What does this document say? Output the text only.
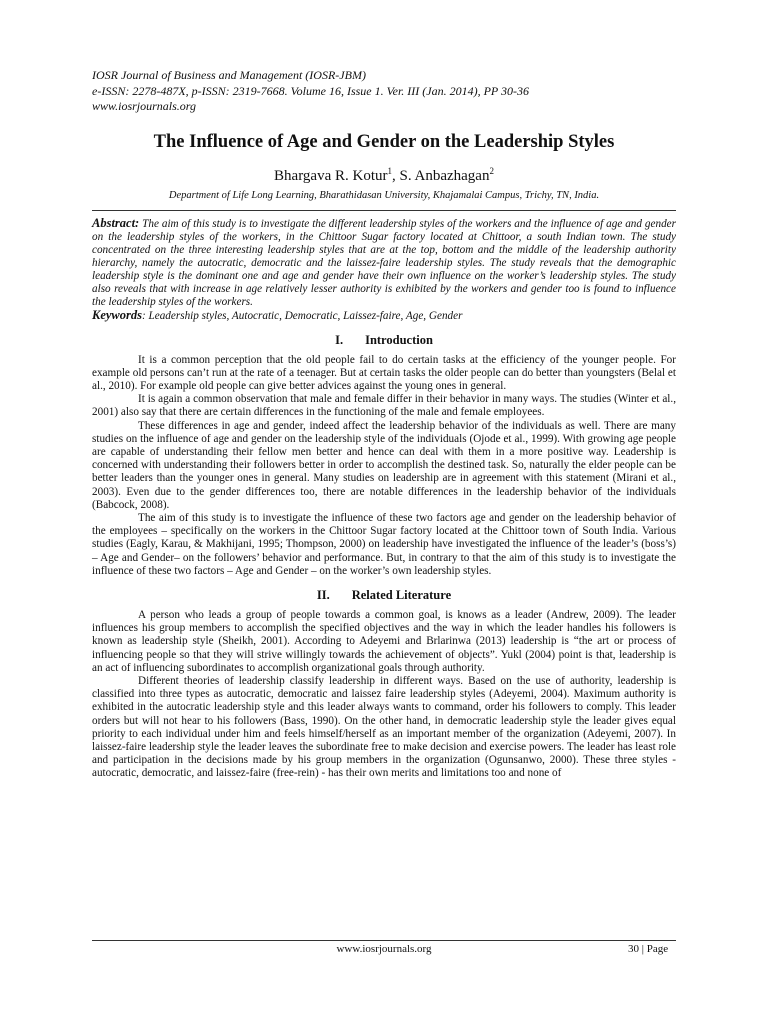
IOSR Journal of Business and Management (IOSR-JBM)
e-ISSN: 2278-487X, p-ISSN: 2319-7668. Volume 16, Issue 1. Ver. III (Jan. 2014), PP 30-36
www.iosrjournals.org
The Influence of Age and Gender on the Leadership Styles
Bhargava R. Kotur$^1$, S. Anbazhagan$^2$
Department of Life Long Learning, Bharathidasan University, Khajamalai Campus, Trichy, TN, India.
Abstract: The aim of this study is to investigate the different leadership styles of the workers and the influence of age and gender on the leadership styles of the workers, in the Chittoor Sugar factory located at Chittoor, a south Indian town. The study concentrated on the three interesting leadership styles that are at the top, bottom and the middle of the leadership authority hierarchy, namely the autocratic, democratic and the laissez-faire leadership styles. The study reveals that the demographic leadership style is the dominant one and age and gender have their own influence on the worker’s leadership styles. The study also reveals that with increase in age relatively lesser authority is exhibited by the workers and gender too is found to influence the leadership styles of the workers.
Keywords: Leadership styles, Autocratic, Democratic, Laissez-faire, Age, Gender
I. Introduction

It is a common perception that the old people fail to do certain tasks at the efficiency of the younger people. For example old persons can’t run at the rate of a teenager. But at certain tasks the older people can do better than youngsters (Belal et al., 2010). For example old people can give better advices against the young ones in general.

It is again a common observation that male and female differ in their behavior in many ways. The studies (Winter et al., 2001) also say that there are certain differences in the functioning of the male and female employees.

These differences in age and gender, indeed affect the leadership behavior of the individuals as well. There are many studies on the influence of age and gender on the leadership style of the individuals (Ojode et al., 1999). With growing age people are capable of understanding their fellow men better and hence can deal with them in a more positive way. Leadership is concerned with understanding their followers better in order to accomplish the destined task. So, naturally the elder people can be better leaders than the younger ones in general. Many studies on leadership are in agreement with this statement (Mirani et al., 2003). Even due to the gender differences too, there are notable differences in the leadership behavior of the individuals (Babcock, 2008).

The aim of this study is to investigate the influence of these two factors age and gender on the leadership behavior of the employees – specifically on the workers in the Chittoor Sugar factory located at the Chittoor town of South India. Various studies (Eagly, Karau, & Makhijani, 1995; Thompson, 2000) on leadership have investigated the influence of the leader’s (boss’s) – Age and Gender– on the followers’ behavior and performance. But, in contrary to that the aim of this study is to investigate the influence of these two factors – Age and Gender – on the worker’s own leadership styles.

II. Related Literature

A person who leads a group of people towards a common goal, is knows as a leader (Andrew, 2009). The leader influences his group members to accomplish the specified objectives and the way in which the leader handles his followers is known as leadership style (Sheikh, 2001). According to Adeyemi and Brlarinwa (2013) leadership is “the art or process of influencing people so that they will strive willingly towards the achievement of objects”. Yukl (2004) point is that, leadership is an act of influencing subordinates to accomplish organizational goals through authority.

Different theories of leadership classify leadership in different ways. Based on the use of authority, leadership is classified into three types as autocratic, democratic and laissez faire leadership styles (Adeyemi, 2004). Maximum authority is exhibited in the autocratic leadership style and this leader always wants to command, order his followers to comply. This leader orders but will not hear to his followers (Bass, 1990). On the other hand, in democratic leadership style the leader gives equal priority to each individual under him and feels himself/herself as an important member of the organization (Adeyemi, 2007). In laissez-faire leadership style the leader leaves the subordinate free to make decision and exercise powers. The leader has least role and participation in the decisions made by his group members in the organization (Ogunsanwo, 2000). These three styles - autocratic, democratic, and laissez-faire (free-rein) - has their own merits and limitations too and none of

www.iosrjournals.org	30 | Page
